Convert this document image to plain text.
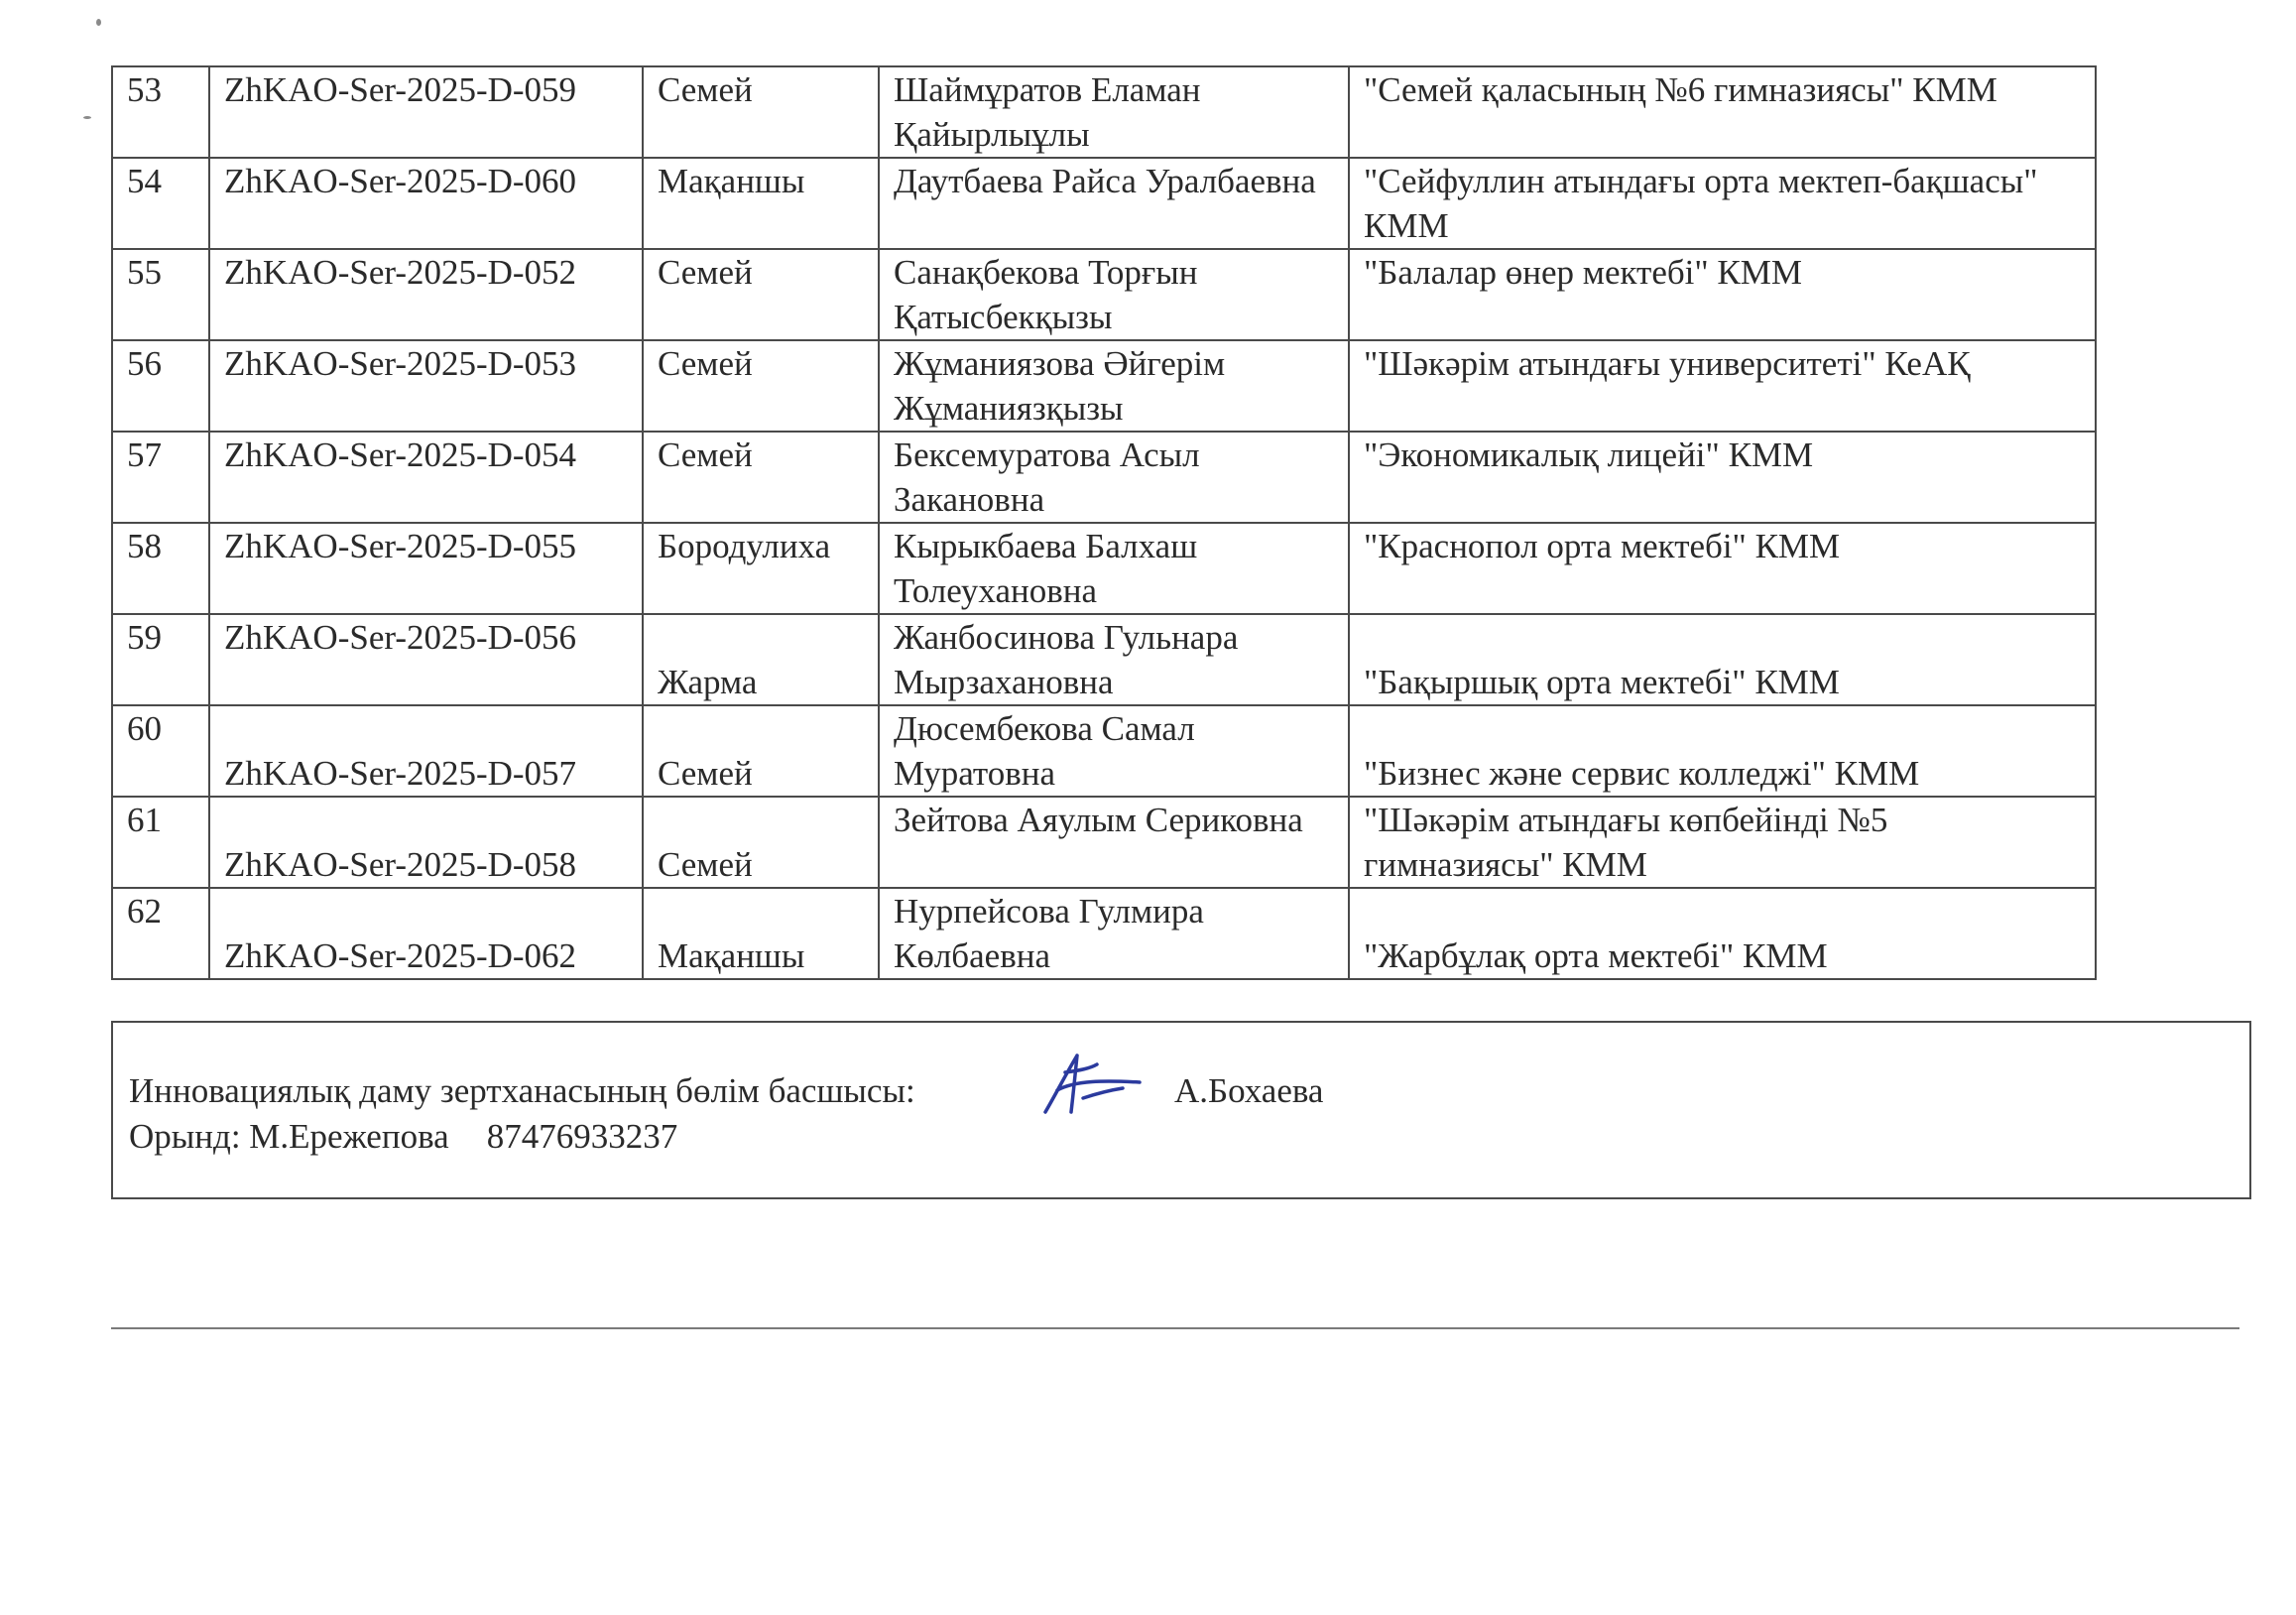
53	ZhKAO-Ser-2025-D-059	Семей	Шаймұратов Еламан Қайырлыұлы	"Семей қаласының №6 гимназиясы" КММ
54	ZhKAO-Ser-2025-D-060	Мақаншы	Даутбаева Райса Уралбаевна	"Сейфуллин атындағы орта мектеп-бақшасы" КММ
55	ZhKAO-Ser-2025-D-052	Семей	Санақбекова Торғын Қатысбекқызы	"Балалар өнер мектебі" КММ
56	ZhKAO-Ser-2025-D-053	Семей	Жұманиязова Әйгерім Жұманиязқызы	"Шәкәрім атындағы университеті" КеАҚ
57	ZhKAO-Ser-2025-D-054	Семей	Бексемуратова Асыл Закановна	"Экономикалық лицейі" КММ
58	ZhKAO-Ser-2025-D-055	Бородулиха	Кырыкбаева Балхаш Толеухановна	"Краснопол орта мектебі" КММ
59	ZhKAO-Ser-2025-D-056	Жарма	Жанбосинова Гульнара Мырзахановна	"Бақыршық орта мектебі" КММ
60	ZhKAO-Ser-2025-D-057	Семей	Дюсембекова Самал Муратовна	"Бизнес және сервис колледжі" КММ
61	ZhKAO-Ser-2025-D-058	Семей	Зейтова Аяулым Сериковна	"Шәкәрім атындағы көпбейінді №5 гимназиясы" КММ
62	ZhKAO-Ser-2025-D-062	Мақаншы	Нурпейсова Гулмира Көлбаевна	"Жарбұлақ орта мектебі" КММ
Инновациялық даму зертханасының бөлім басшысы:	А.Бохаева
Орынд: М.Ережепова 87476933237
